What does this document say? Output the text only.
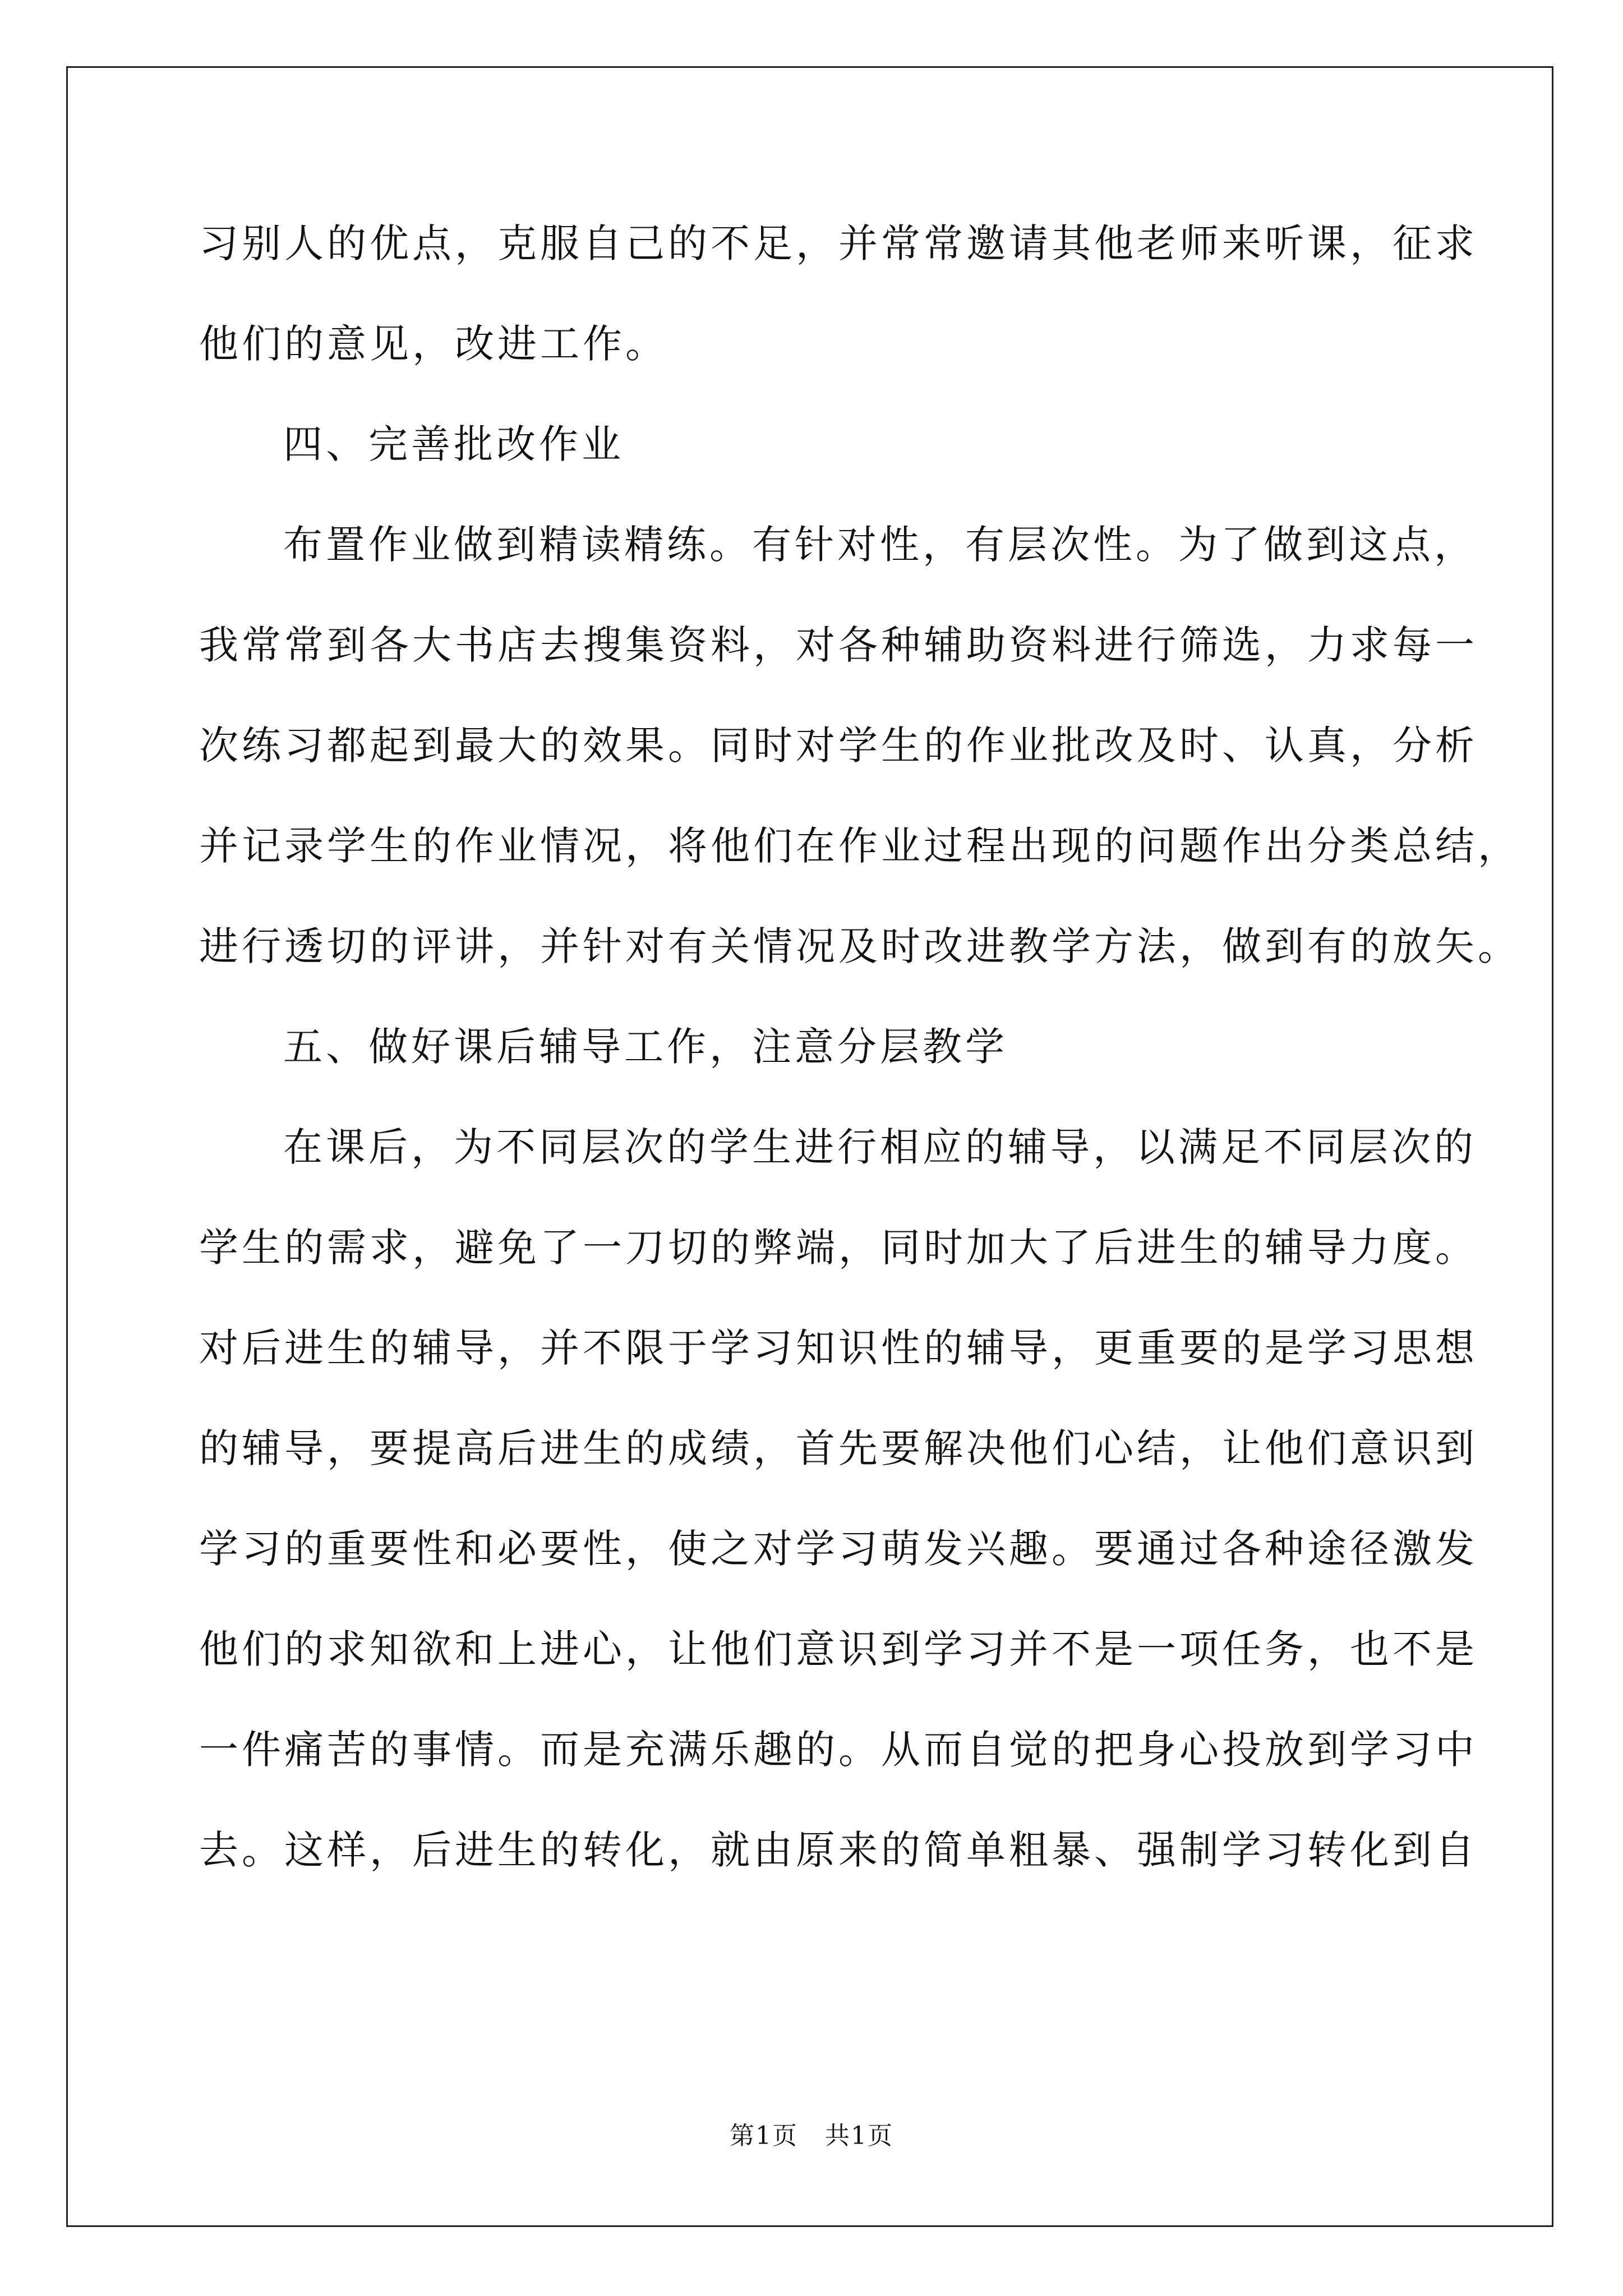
习别人的优点，克服自己的不足，并常常邀请其他老师来听课，征求
他们的意见，改进工作。
四、完善批改作业
布置作业做到精读精练。有针对性，有层次性。为了做到这点，
我常常到各大书店去搜集资料，对各种辅助资料进行筛选，力求每一
次练习都起到最大的效果。同时对学生的作业批改及时、认真，分析
并记录学生的作业情况，将他们在作业过程出现的问题作出分类总结，
进行透切的评讲，并针对有关情况及时改进教学方法，做到有的放矢。
五、做好课后辅导工作，注意分层教学
在课后，为不同层次的学生进行相应的辅导，以满足不同层次的
学生的需求，避免了一刀切的弊端，同时加大了后进生的辅导力度。
对后进生的辅导，并不限于学习知识性的辅导，更重要的是学习思想
的辅导，要提高后进生的成绩，首先要解决他们心结，让他们意识到
学习的重要性和必要性，使之对学习萌发兴趣。要通过各种途径激发
他们的求知欲和上进心，让他们意识到学习并不是一项任务，也不是
一件痛苦的事情。而是充满乐趣的。从而自觉的把身心投放到学习中
去。这样，后进生的转化，就由原来的简单粗暴、强制学习转化到自
第1页 共1页
